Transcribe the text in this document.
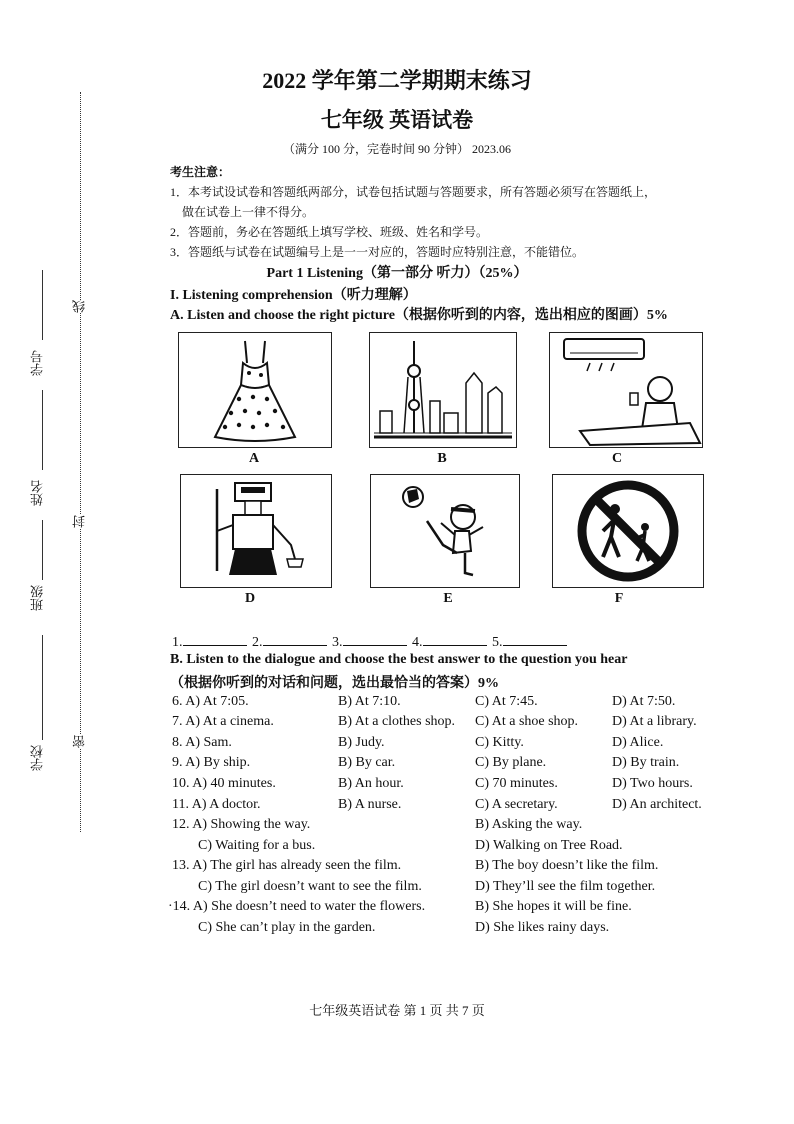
学号
姓名
班级
学校
线
封
密
2022 学年第二学期期末练习
七年级 英语试卷
（满分 100 分，完卷时间 90 分钟） 2023.06
考生注意：
1．本考试设试卷和答题纸两部分，试卷包括试题与答题要求，所有答题必须写在答题纸上，
做在试卷上一律不得分。
2．答题前，务必在答题纸上填写学校、班级、姓名和学号。
3．答题纸与试卷在试题编号上是一一对应的，答题时应特别注意，不能错位。
Part 1 Listening（第一部分 听力）（25%）
I. Listening comprehension（听力理解）
A. Listen and choose the right picture（根据你听到的内容，选出相应的图画）5%
A	B	C
D	E	F
1.	2.	3.	4.	5.
B. Listen to the dialogue and choose the best answer to the question you hear
（根据你听到的对话和问题，选出最恰当的答案）9%
6. A) At 7:05.	B) At 7:10.	C) At 7:45.	D) At 7:50.
7. A) At a cinema.	B) At a clothes shop. C) At a shoe shop. D) At a library.
8. A) Sam.	B) Judy.	C) Kitty.	D) Alice.
9. A) By ship.	B) By car.	C) By plane.	D) By train.
10. A) 40 minutes.	B) An hour.	C) 70 minutes.	D) Two hours.
11. A) A doctor.	B) A nurse.	C) A secretary.	D) An architect.
12. A) Showing the way.	B) Asking the way.
C) Waiting for a bus.	D) Walking on Tree Road.
13. A) The girl has already seen the film.	B) The boy doesn’t like the film.
C) The girl doesn’t want to see the film.	D) They’ll see the film together.
·14. A) She doesn’t need to water the flowers.	B) She hopes it will be fine.
C) She can’t play in the garden.	D) She likes rainy days.
七年级英语试卷 第 1 页 共 7 页
